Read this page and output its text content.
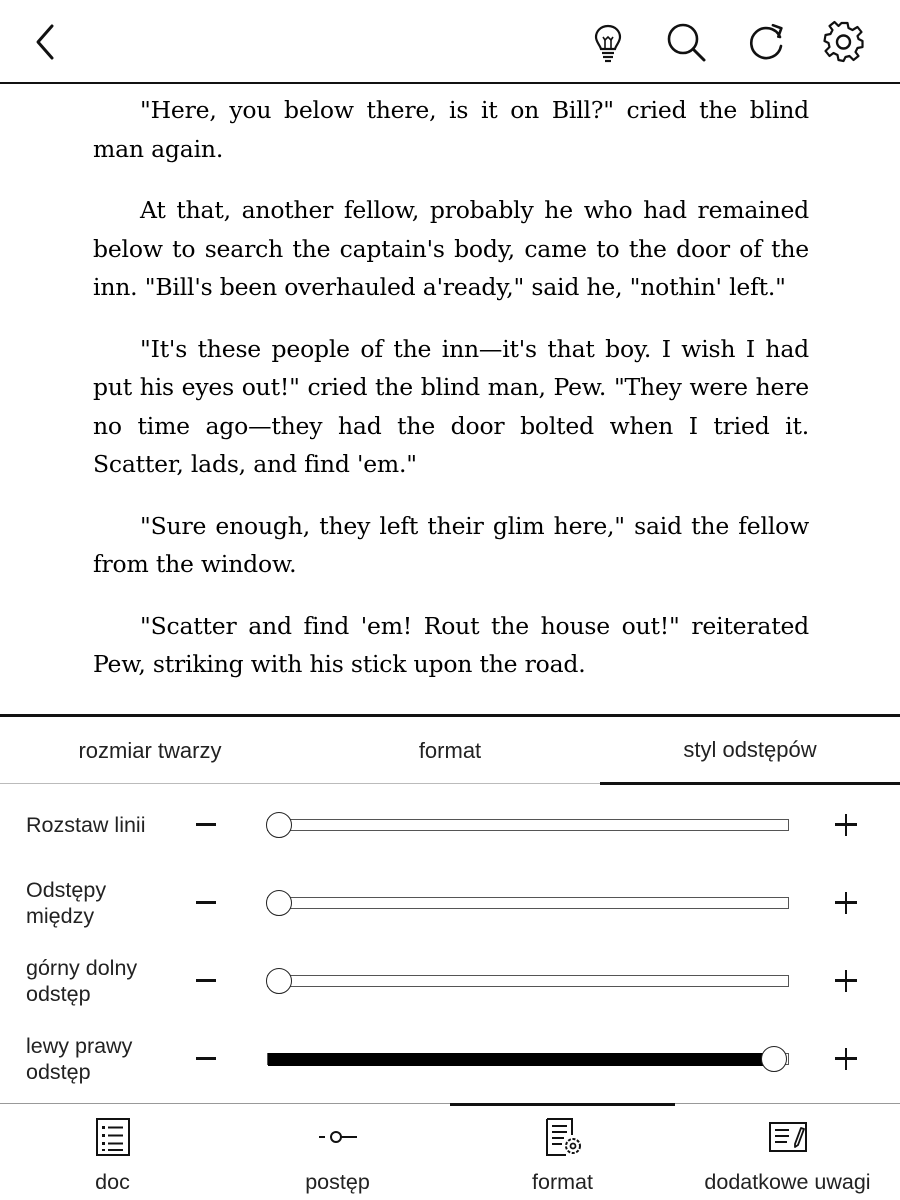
"Here, you below there, is it on Bill?" cried the blind man again.

At that, another fellow, probably he who had remained below to search the captain's body, came to the door of the inn. "Bill's been overhauled a'ready," said he, "nothin' left."

"It's these people of the inn—it's that boy. I wish I had put his eyes out!" cried the blind man, Pew. "They were here no time ago—they had the door bolted when I tried it. Scatter, lads, and find 'em."

"Sure enough, they left their glim here," said the fellow from the window.

"Scatter and find 'em! Rout the house out!" reiterated Pew, striking with his stick upon the road.

rozmiar twarzy	format	styl odstępów
Rozstaw linii
Odstępy między
górny dolny odstęp
lewy prawy odstęp
doc	postęp	format	dodatkowe uwagi
